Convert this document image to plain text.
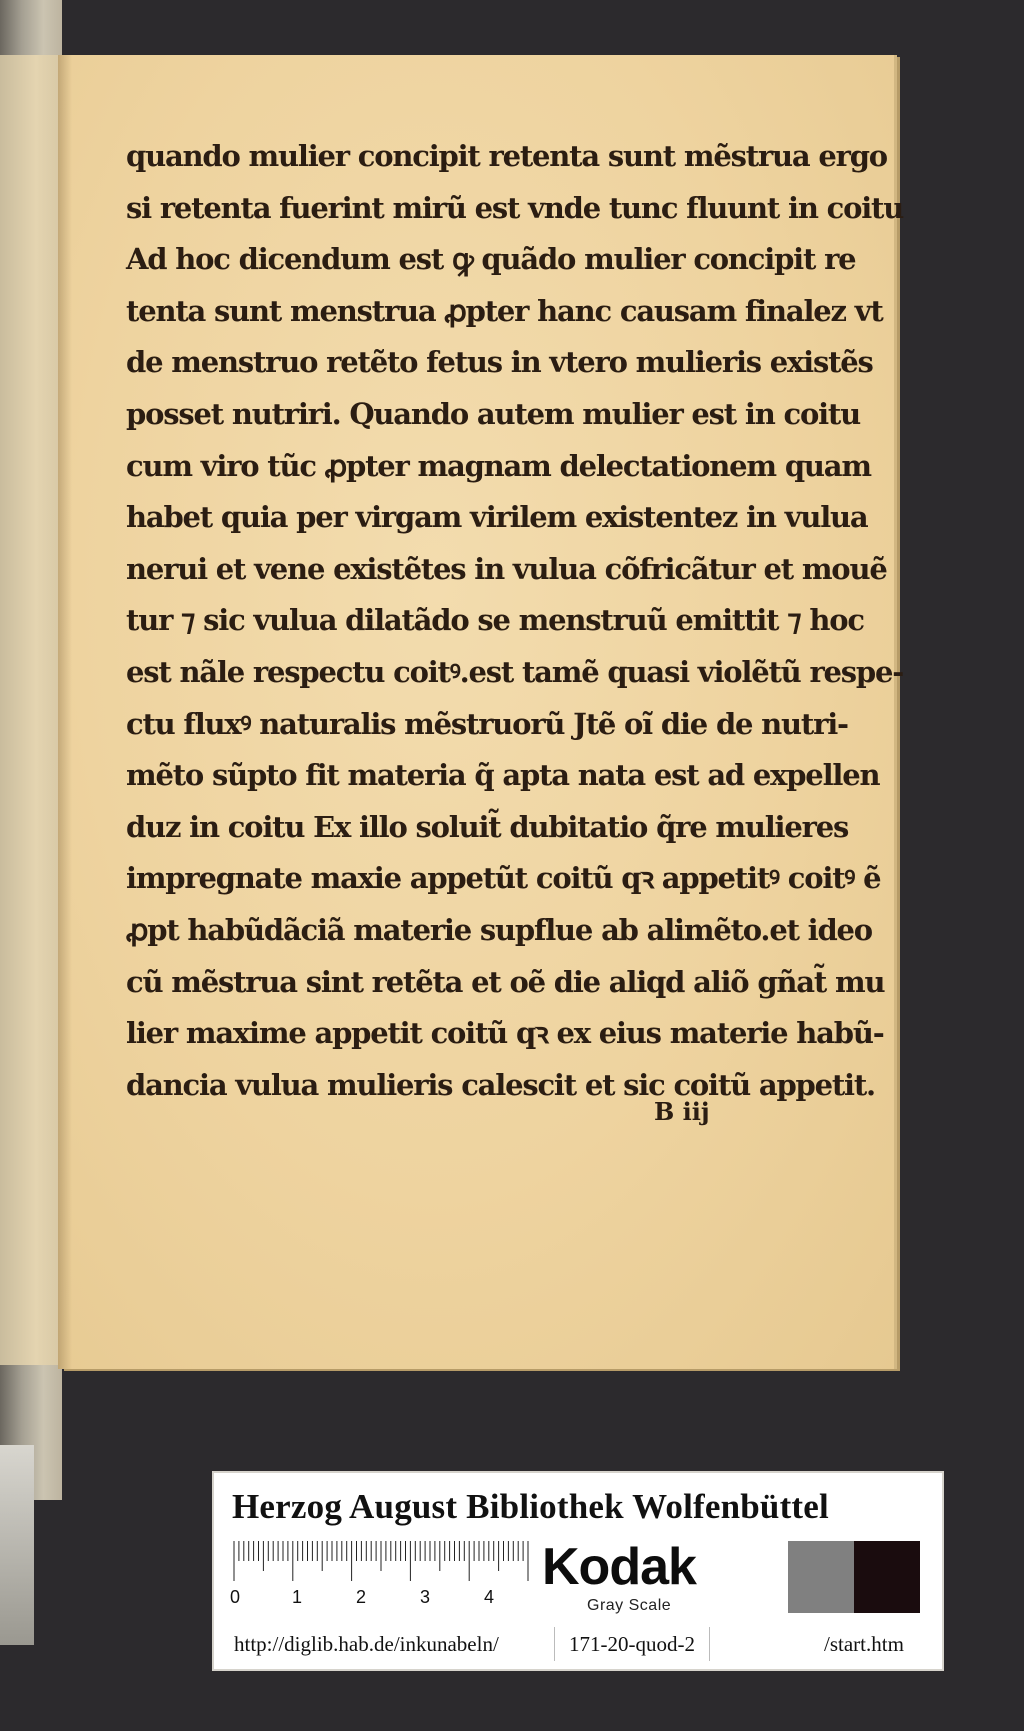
quando mulier concipit retenta sunt mẽstrua ergo
si retenta fuerint mirũ est vnde tunc fluunt in coitu
Ad hoc dicendum est ꝙ quãdo mulier concipit re
tenta sunt menstrua ꝓpter hanc causam finalez vt
de menstruo retẽto fetus in vtero mulieris existẽs
posset nutriri. Quando autem mulier est in coitu
cum viro tũc ꝓpter magnam delectationem quam
habet quia per virgam virilem existentez in vulua
nerui et vene existẽtes in vulua cõfricãtur et mouẽ
tur ⁊ sic vulua dilatãdo se menstruũ emittit ⁊ hoc
est nãle respectu coitꝰ.est tamẽ quasi violẽtũ respe-
ctu fluxꝰ naturalis mẽstruorũ Jtẽ oĩ die de nutri-
mẽto sũpto fit materia q̃ apta nata est ad expellen
duz in coitu Ex illo soluit̃ dubitatio q̃re mulieres
impregnate maxie appetũt coitũ qꝛ appetitꝰ coitꝰ ẽ
ꝓpt habũdãciã materie supflue ab alimẽto.et ideo
cũ mẽstrua sint retẽta et oẽ die aliqd aliõ gñat̃ mu
lier maxime appetit coitũ qꝛ ex eius materie habũ-
dancia vulua mulieris calescit et sic coitũ appetit.
B iij
Herzog August Bibliothek Wolfenbüttel
0	1	2	3	4
Kodak
Gray Scale
http://diglib.hab.de/inkunabeln/	171-20-quod-2	/start.htm
